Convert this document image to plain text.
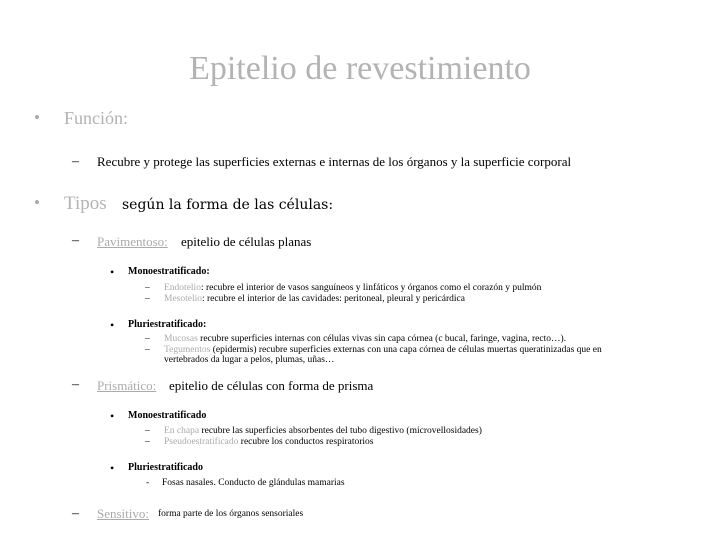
Epitelio de revestimiento
• Función:
– Recubre y protege las superficies externas e internas de los órganos y la superficie corporal
• Tipos según la forma de las células:
– Pavimentoso: epitelio de células planas
• Monoestratificado:
– Endotelio: recubre el interior de vasos sanguíneos y linfáticos y órganos como el corazón y pulmón
– Mesotelio: recubre el interior de las cavidades: peritoneal, pleural y pericárdica
• Pluriestratificado:
– Mucosas recubre superficies internas con células vivas sin capa córnea (c bucal, faringe, vagina, recto…).
– Tegumentos (epidermis) recubre superficies externas con una capa córnea de células muertas queratinizadas que en
vertebrados da lugar a pelos, plumas, uñas…
– Prismático: epitelio de células con forma de prisma
• Monoestratificado
– En chapa recubre las superficies absorbentes del tubo digestivo (microvellosidades)
– Pseudoestratificado recubre los conductos respiratorios
• Pluriestratificado
- Fosas nasales. Conducto de glándulas mamarias
– Sensitivo: forma parte de los órganos sensoriales
